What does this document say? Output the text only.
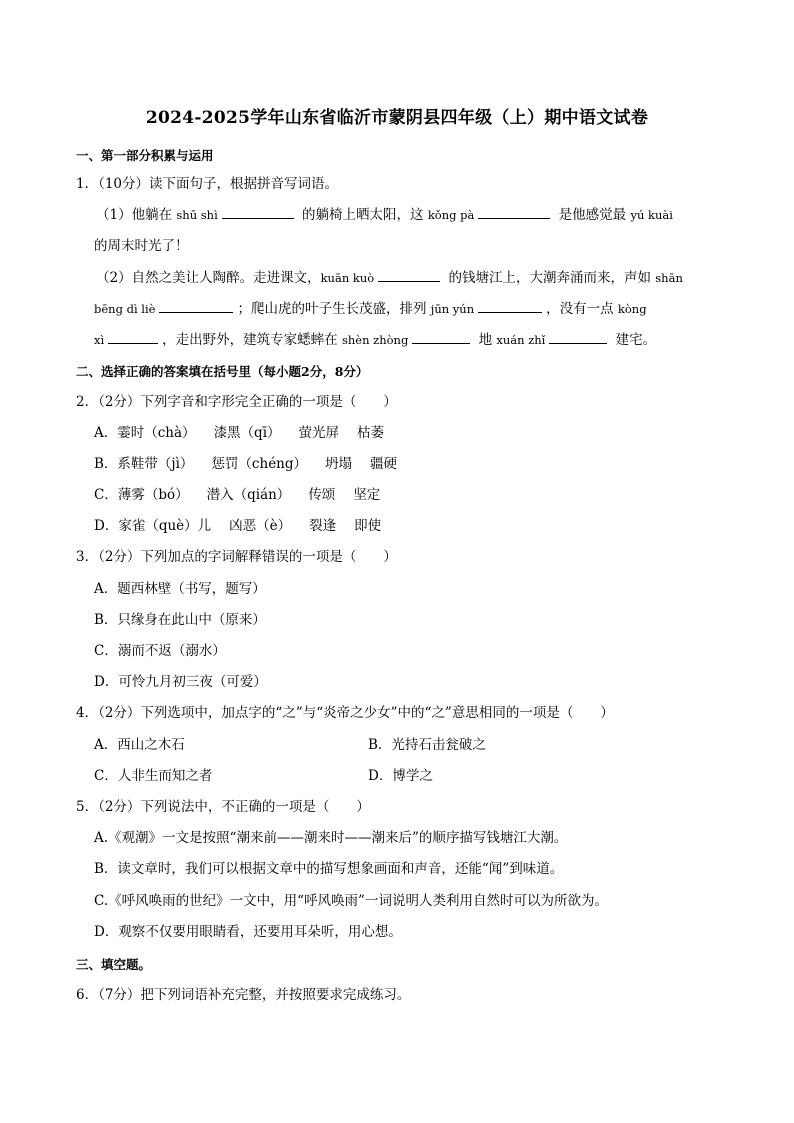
2024-2025学年山东省临沂市蒙阴县四年级（上）期中语文试卷
一、第一部分积累与运用
1．（10分）读下面句子，根据拼音写词语。
（1）他躺在 shū shì	的躺椅上晒太阳，这 kǒng pà	是他感觉最 yú kuài
的周末时光了！
（2）自然之美让人陶醉。走进课文，kuān kuò	的钱塘江上，大潮奔涌而来，声如 shān
bēng dì liè	；爬山虎的叶子生长茂盛，排列 jūn yún	，没有一点 kòng
xì	，走出野外，建筑专家蟋蟀在 shèn zhòng	地 xuán zhǐ	建宅。
二、选择正确的答案填在括号里（每小题2分，8分）
2．（2分）下列字音和字形完全正确的一项是（　　）
A．霎时（chà） 漆黑（qī） 萤光屏 枯萎
B．系鞋带（jì） 惩罚（chéng） 坍塌 疆硬
C．薄雾（bó） 潜入（qián） 传颂 坚定
D．家雀（què）儿 凶恶（è） 裂逢 即使
3．（2分）下列加点的字词解释错误的一项是（　　）
A．题西林壁（书写，题写）
B．只缘身在此山中（原来）
C．溺而不返（溺水）
D．可怜九月初三夜（可爱）
4．（2分）下列选项中，加点字的“之”与“炎帝之少女”中的“之”意思相同的一项是（　　）
A．西山之木石	B．光持石击瓮破之
C．人非生而知之者	D．博学之
5．（2分）下列说法中，不正确的一项是（　　）
A.《观潮》一文是按照“潮来前——潮来时——潮来后”的顺序描写钱塘江大潮。
B．读文章时，我们可以根据文章中的描写想象画面和声音，还能“闻”到味道。
C.《呼风唤雨的世纪》一文中，用“呼风唤雨”一词说明人类利用自然时可以为所欲为。
D．观察不仅要用眼睛看，还要用耳朵听，用心想。
三、填空题。
6．（7分）把下列词语补充完整，并按照要求完成练习。
